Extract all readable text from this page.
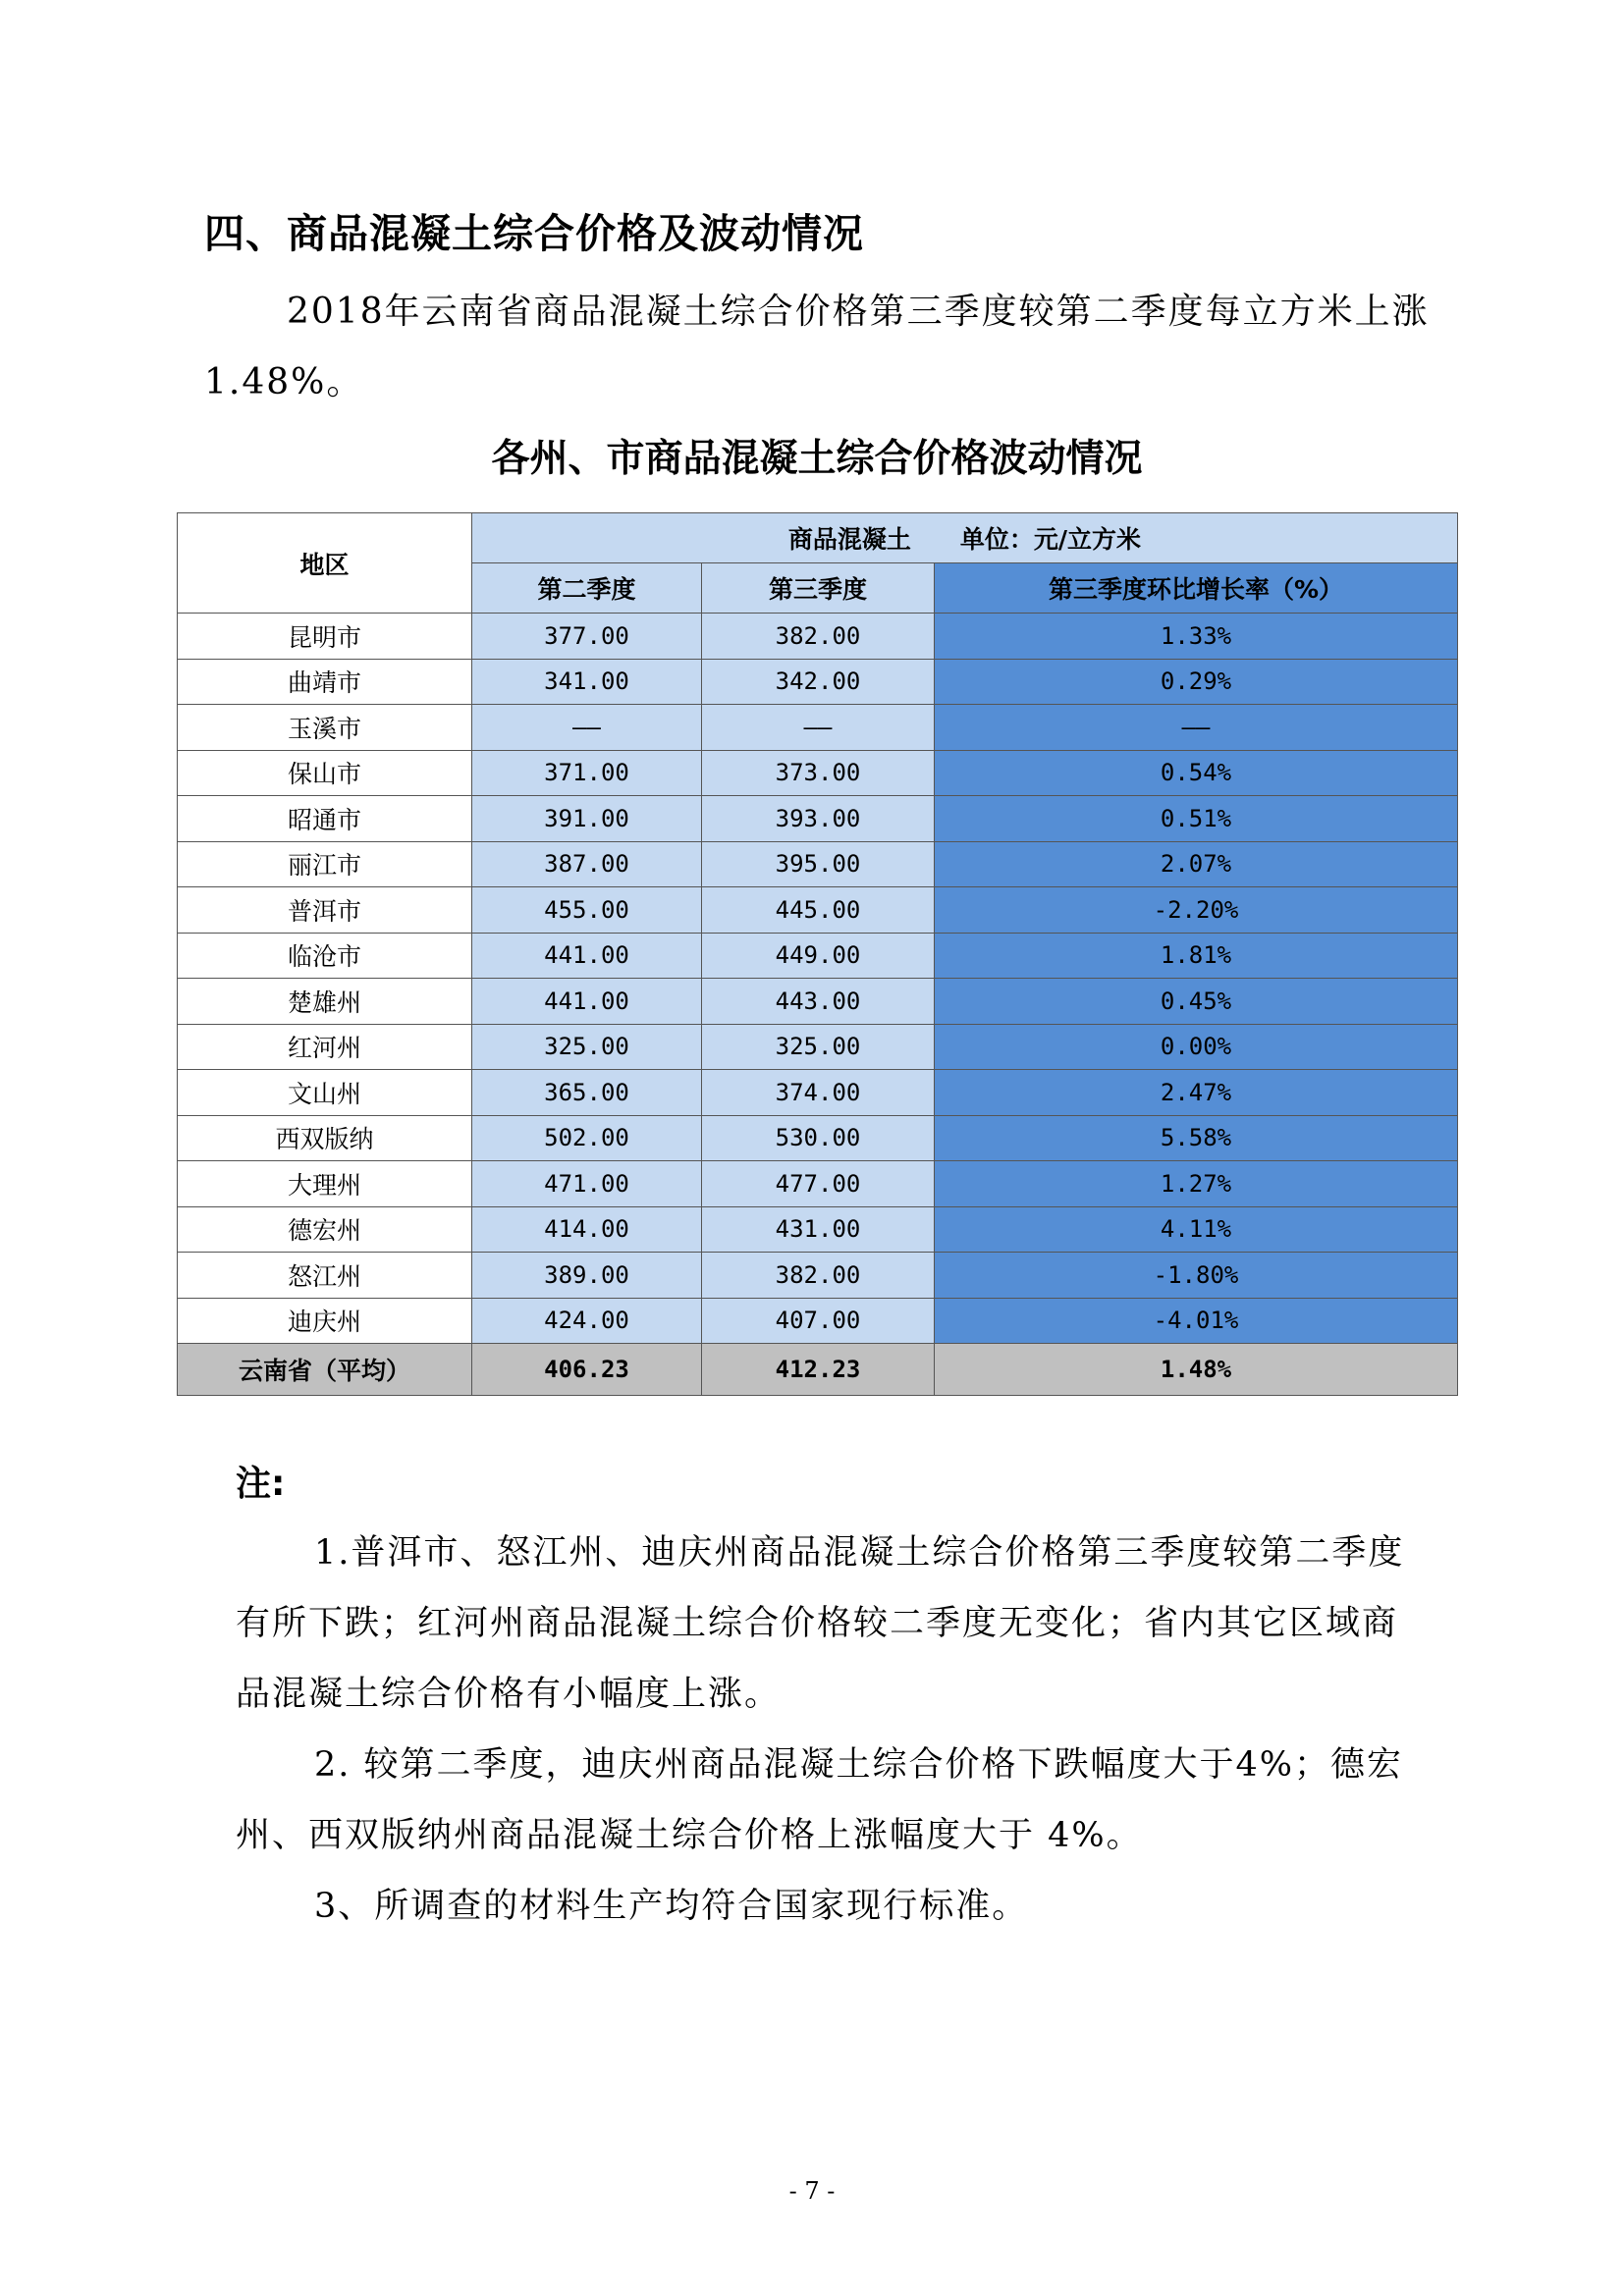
四、商品混凝土综合价格及波动情况

2018年云南省商品混凝土综合价格第三季度较第二季度每立方米上涨1.48%。

各州、市商品混凝土综合价格波动情况
地区	商品混凝土　　单位：元/立方米		
	第二季度	第三季度	第三季度环比增长率（%）
昆明市	377.00	382.00	1.33%
曲靖市	341.00	342.00	0.29%
玉溪市	——	——	——
保山市	371.00	373.00	0.54%
昭通市	391.00	393.00	0.51%
丽江市	387.00	395.00	2.07%
普洱市	455.00	445.00	-2.20%
临沧市	441.00	449.00	1.81%
楚雄州	441.00	443.00	0.45%
红河州	325.00	325.00	0.00%
文山州	365.00	374.00	2.47%
西双版纳	502.00	530.00	5.58%
大理州	471.00	477.00	1.27%
德宏州	414.00	431.00	4.11%
怒江州	389.00	382.00	-1.80%
迪庆州	424.00	407.00	-4.01%
云南省（平均）	406.23	412.23	1.48%

注:

1.普洱市、怒江州、迪庆州商品混凝土综合价格第三季度较第二季度有所下跌；红河州商品混凝土综合价格较二季度无变化；省内其它区域商品混凝土综合价格有小幅度上涨。

2. 较第二季度，迪庆州商品混凝土综合价格下跌幅度大于4%；德宏州、西双版纳州商品混凝土综合价格上涨幅度大于 4%。

3、所调查的材料生产均符合国家现行标准。

- 7 -
